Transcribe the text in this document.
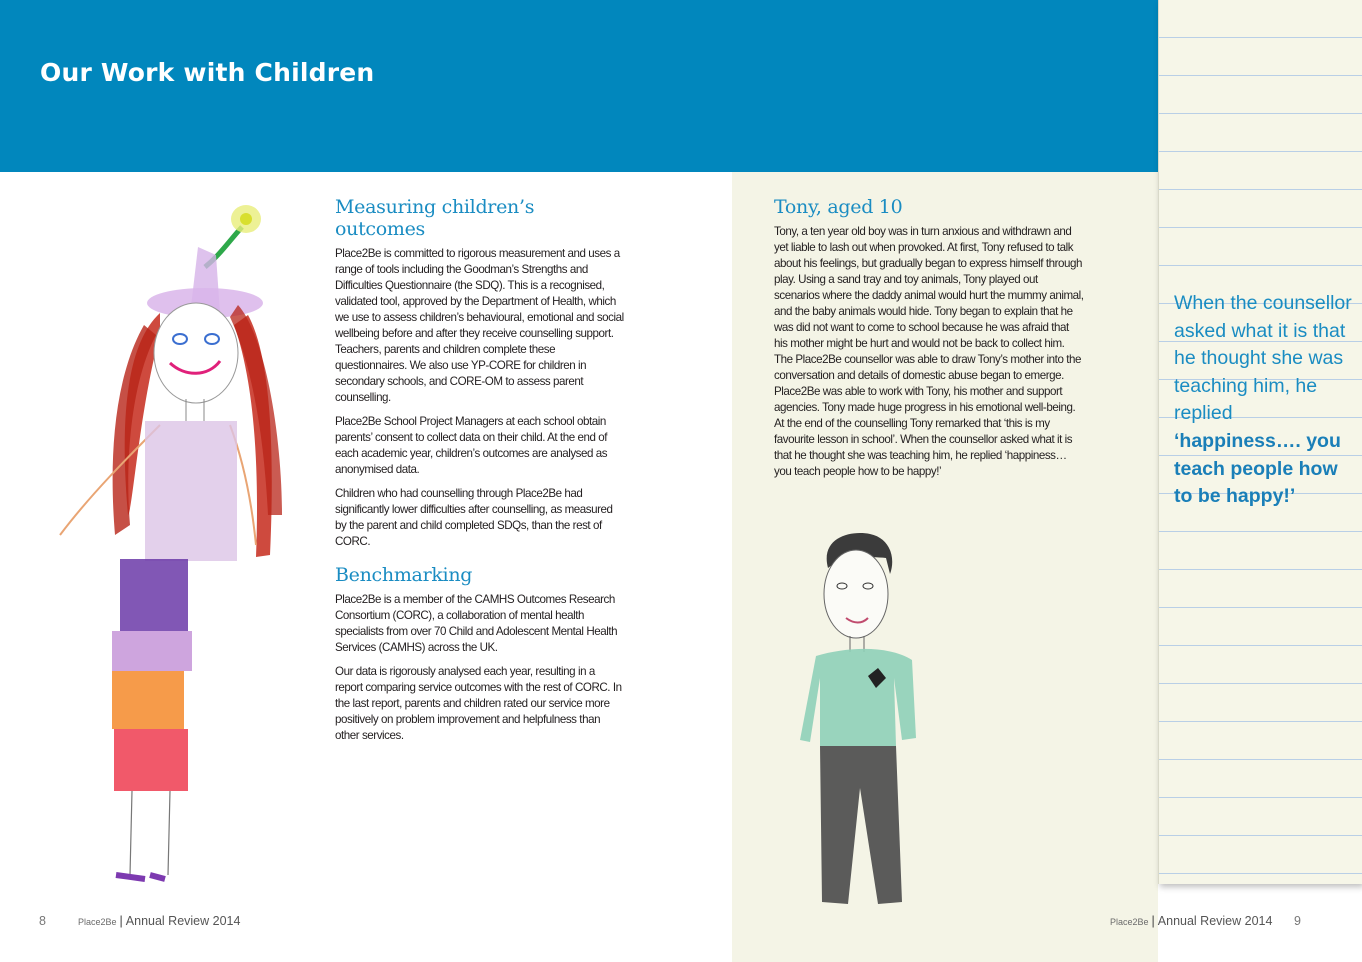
Our Work with Children
Measuring children’s outcomes

Place2Be is committed to rigorous measurement and uses a range of tools including the Goodman’s Strengths and Difficulties Questionnaire (the SDQ). This is a recognised, validated tool, approved by the Department of Health, which we use to assess children’s behavioural, emotional and social wellbeing before and after they receive counselling support. Teachers, parents and children complete these questionnaires. We also use YP-CORE for children in secondary schools, and CORE-OM to assess parent counselling.

Place2Be School Project Managers at each school obtain parents’ consent to collect data on their child. At the end of each academic year, children’s outcomes are analysed as anonymised data.

Children who had counselling through Place2Be had significantly lower difficulties after counselling, as measured by the parent and child completed SDQs, than the rest of CORC.

Benchmarking

Place2Be is a member of the CAMHS Outcomes Research Consortium (CORC), a collaboration of mental health specialists from over 70 Child and Adolescent Mental Health Services (CAMHS) across the UK.

Our data is rigorously analysed each year, resulting in a report comparing service outcomes with the rest of CORC. In the last report, parents and children rated our service more positively on problem improvement and helpfulness than other services.

Tony, aged 10

Tony, a ten year old boy was in turn anxious and withdrawn and yet liable to lash out when provoked. At first, Tony refused to talk about his feelings, but gradually began to express himself through play. Using a sand tray and toy animals, Tony played out scenarios where the daddy animal would hurt the mummy animal, and the baby animals would hide. Tony began to explain that he was did not want to come to school because he was afraid that his mother might be hurt and would not be back to collect him. The Place2Be counsellor was able to draw Tony’s mother into the conversation and details of domestic abuse began to emerge. Place2Be was able to work with Tony, his mother and support agencies. Tony made huge progress in his emotional well-being. At the end of the counselling Tony remarked that ‘this is my favourite lesson in school’. When the counsellor asked what it is that he thought she was teaching him, he replied ‘happiness… you teach people how to be happy!’

When the counsellor asked what it is that he thought she was teaching him, he replied
‘happiness…. you teach people how to be happy!’
8	Place2Be | Annual Review 2014	Place2Be | Annual Review 2014 9
